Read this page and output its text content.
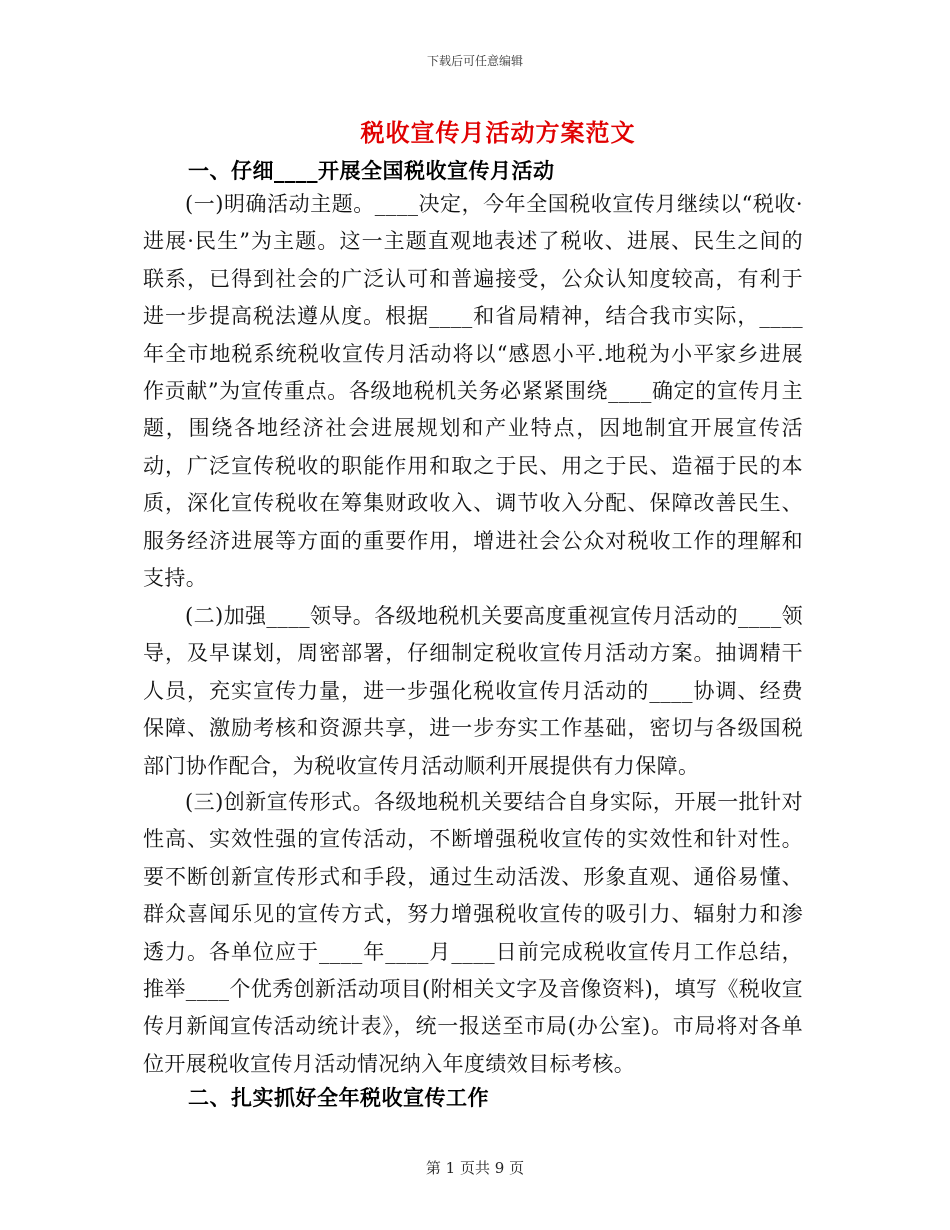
下载后可任意编辑
税收宣传月活动方案范文
一、仔细____开展全国税收宣传月活动

(一)明确活动主题。____决定，今年全国税收宣传月继续以“税收·进展·民生”为主题。这一主题直观地表述了税收、进展、民生之间的联系，已得到社会的广泛认可和普遍接受，公众认知度较高，有利于进一步提高税法遵从度。根据____和省局精神，结合我市实际，____年全市地税系统税收宣传月活动将以“感恩小平.地税为小平家乡进展作贡献”为宣传重点。各级地税机关务必紧紧围绕____确定的宣传月主题，围绕各地经济社会进展规划和产业特点，因地制宜开展宣传活动，广泛宣传税收的职能作用和取之于民、用之于民、造福于民的本质，深化宣传税收在筹集财政收入、调节收入分配、保障改善民生、服务经济进展等方面的重要作用，增进社会公众对税收工作的理解和支持。

(二)加强____领导。各级地税机关要高度重视宣传月活动的____领导，及早谋划，周密部署，仔细制定税收宣传月活动方案。抽调精干人员，充实宣传力量，进一步强化税收宣传月活动的____协调、经费保障、激励考核和资源共享，进一步夯实工作基础，密切与各级国税部门协作配合，为税收宣传月活动顺利开展提供有力保障。

(三)创新宣传形式。各级地税机关要结合自身实际，开展一批针对性高、实效性强的宣传活动，不断增强税收宣传的实效性和针对性。要不断创新宣传形式和手段，通过生动活泼、形象直观、通俗易懂、群众喜闻乐见的宣传方式，努力增强税收宣传的吸引力、辐射力和渗透力。各单位应于____年____月____日前完成税收宣传月工作总结，推举____个优秀创新活动项目(附相关文字及音像资料)，填写《税收宣传月新闻宣传活动统计表》，统一报送至市局(办公室)。市局将对各单位开展税收宣传月活动情况纳入年度绩效目标考核。

二、扎实抓好全年税收宣传工作
第 1 页共 9 页
